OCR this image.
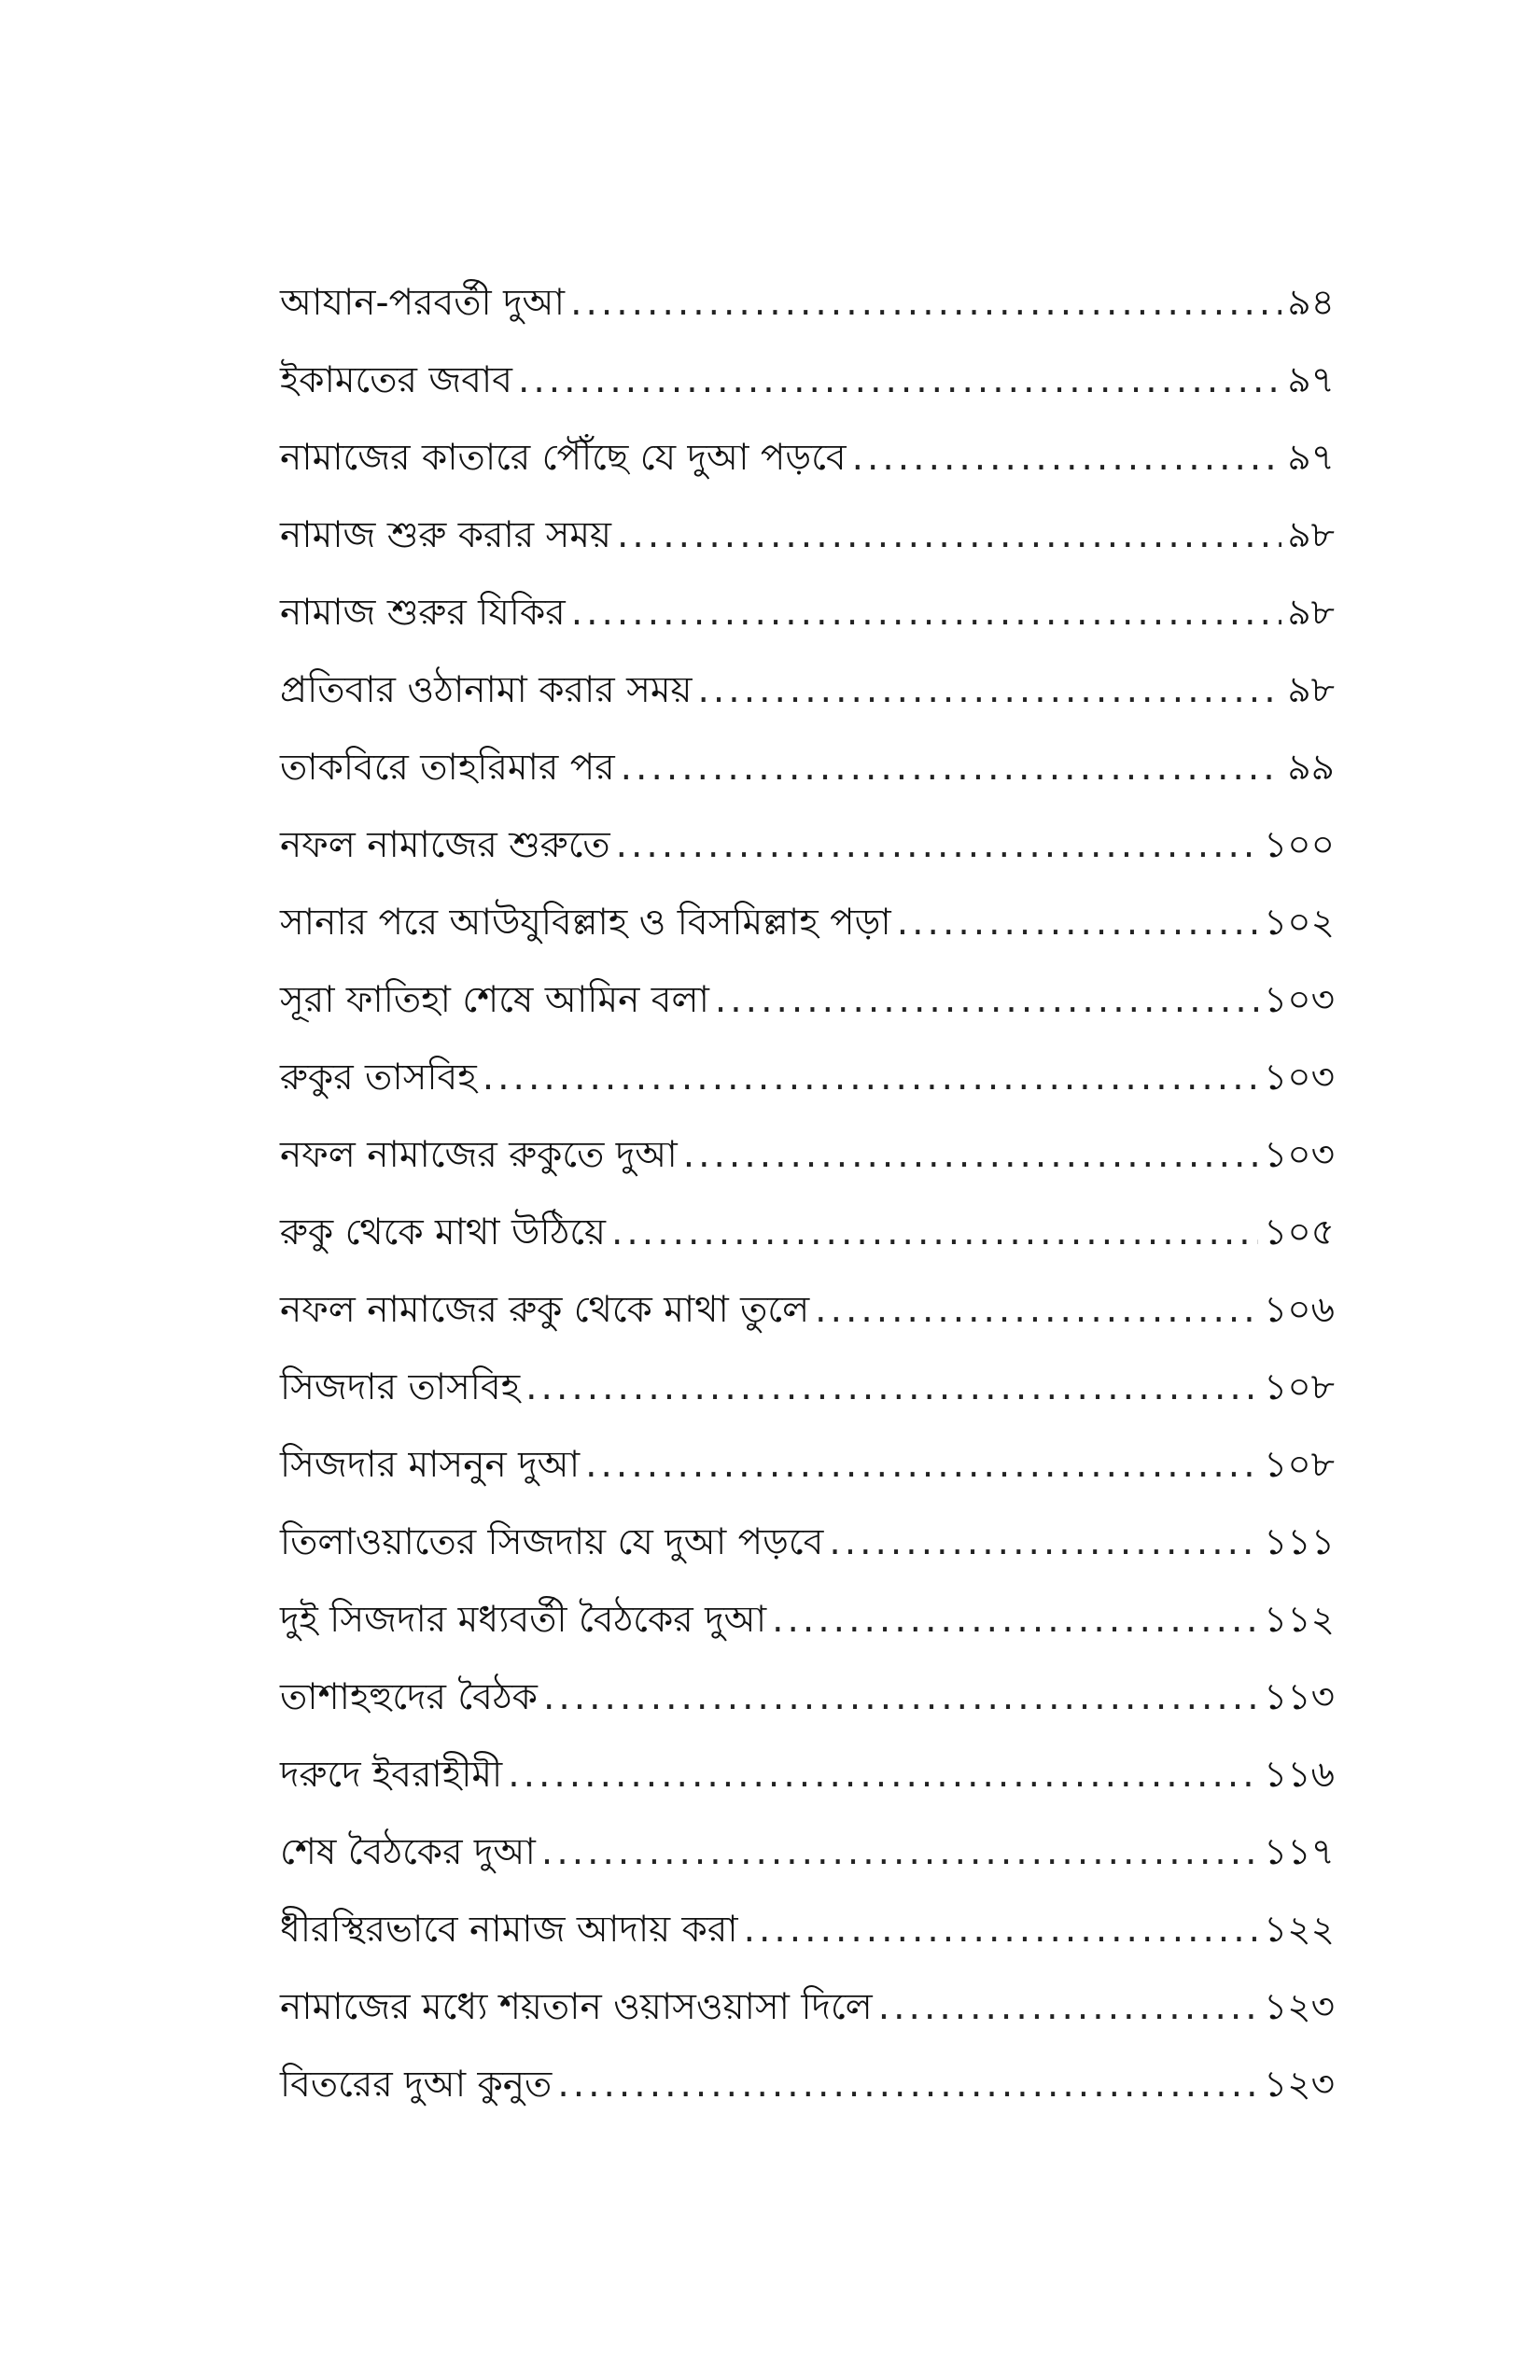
আযান-পরবর্তী দুআ .....	৯৪
ইকামতের জবাব .....	৯৭
নামাজের কাতারে পৌঁছে যে দুআ পড়বে .....	৯৭
নামাজ শুরু করার সময় .....	৯৮
নামাজ শুরুর যিকির .....	৯৮
প্রতিবার ওঠানামা করার সময় .....	৯৮
তাকবিরে তাহরিমার পর .....	৯৯
নফল নামাজের শুরুতে .....	১০০
সানার পরে আউযুবিল্লাহ ও বিসমিল্লাহ পড়া .....	১০২
সূরা ফাতিহা শেষে আমিন বলা .....	১০৩
রুকুর তাসবিহ .....	১০৩
নফল নামাজের রুকুতে দুআ .....	১০৩
রুকু থেকে মাথা উঠিয়ে .....	১০৫
নফল নামাজের রুকু থেকে মাথা তুলে .....	১০৬
সিজদার তাসবিহ .....	১০৮
সিজদার মাসনুন দুআ .....	১০৮
তিলাওয়াতের সিজদায় যে দুআ পড়বে .....	১১১
দুই সিজদার মধ্যবর্তী বৈঠকের দুআ .....	১১২
তাশাহহুদের বৈঠক .....	১১৩
দরুদে ইবরাহীমী .....	১১৬
শেষ বৈঠকের দুআ .....	১১৭
ধীরস্থিরভাবে নামাজ আদায় করা .....	১২২
নামাজের মধ্যে শয়তান ওয়াসওয়াসা দিলে .....	১২৩
বিতরের দুআ কুনুত .....	১২৩
